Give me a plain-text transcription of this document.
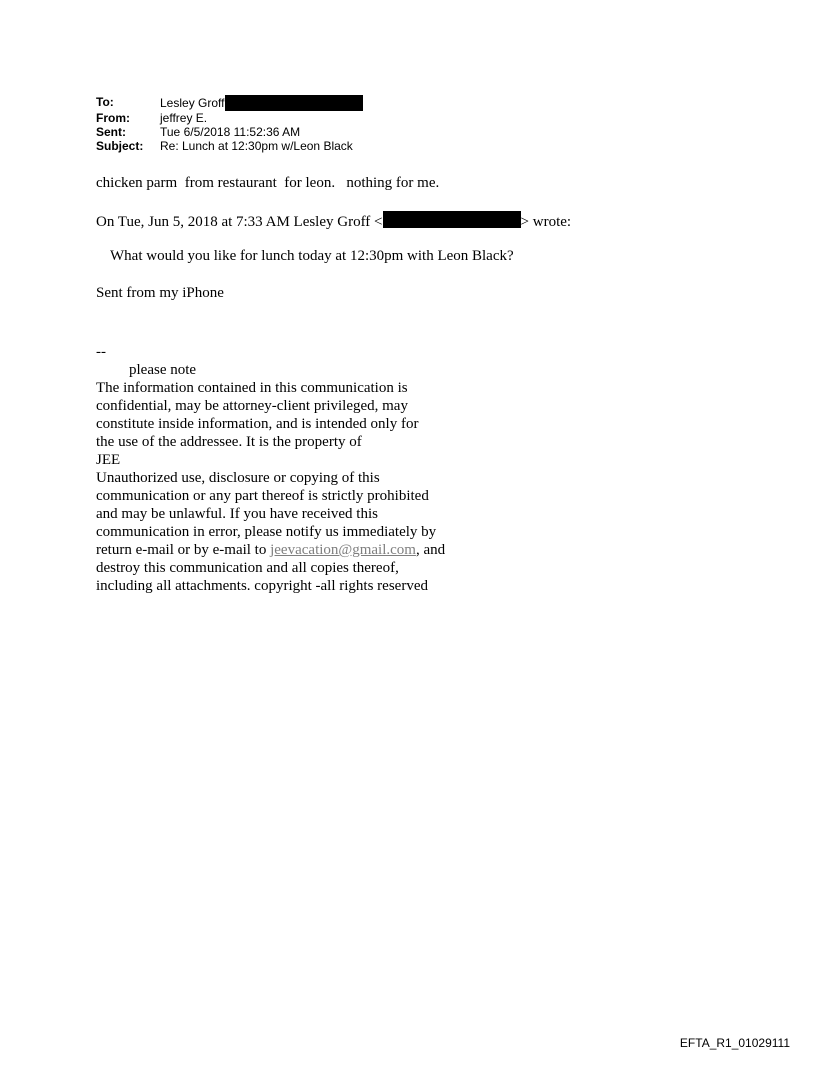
To:	Lesley Groff
From:	jeffrey E.
Sent:	Tue 6/5/2018 11:52:36 AM
Subject:	Re: Lunch at 12:30pm w/Leon Black
chicken parm  from restaurant  for leon.   nothing for me.
On Tue, Jun 5, 2018 at 7:33 AM Lesley Groff <	> wrote:
What would you like for lunch today at 12:30pm with Leon Black?
Sent from my iPhone
--
please note
The information contained in this communication is
confidential, may be attorney-client privileged, may
constitute inside information, and is intended only for
the use of the addressee. It is the property of
JEE
Unauthorized use, disclosure or copying of this
communication or any part thereof is strictly prohibited
and may be unlawful. If you have received this
communication in error, please notify us immediately by
return e-mail or by e-mail to jeevacation@gmail.com, and
destroy this communication and all copies thereof,
including all attachments. copyright -all rights reserved
EFTA_R1_01029111
